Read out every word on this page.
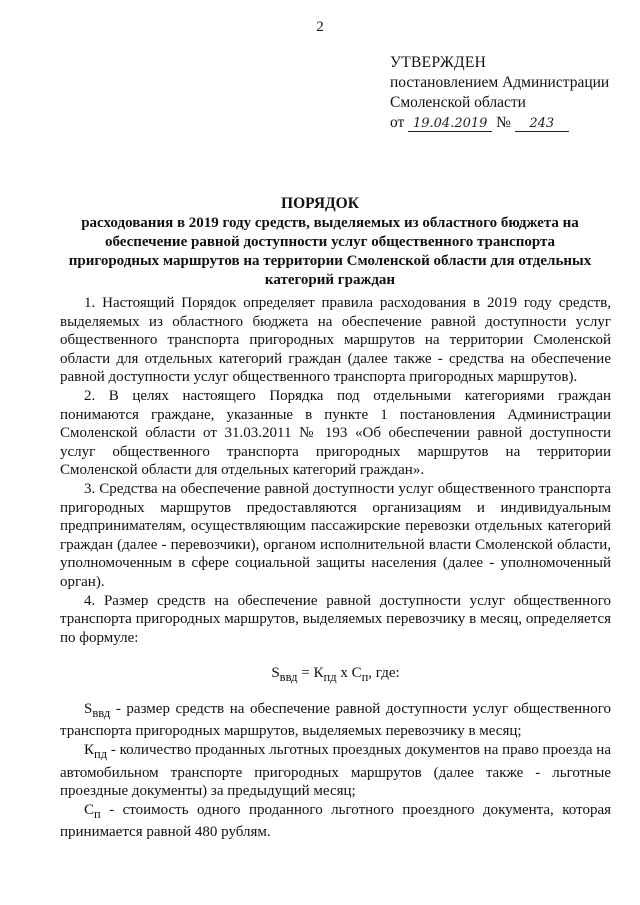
2
УТВЕРЖДЕН
постановлением Администрации
Смоленской области
от 19.04.2019 № 243
ПОРЯДОК
расходования в 2019 году средств, выделяемых из областного бюджета на обеспечение равной доступности услуг общественного транспорта пригородных маршрутов на территории Смоленской области для отдельных категорий граждан

1. Настоящий Порядок определяет правила расходования в 2019 году средств, выделяемых из областного бюджета на обеспечение равной доступности услуг общественного транспорта пригородных маршрутов на территории Смоленской области для отдельных категорий граждан (далее также - средства на обеспечение равной доступности услуг общественного транспорта пригородных маршрутов).

2. В целях настоящего Порядка под отдельными категориями граждан понимаются граждане, указанные в пункте 1 постановления Администрации Смоленской области от 31.03.2011 № 193 «Об обеспечении равной доступности услуг общественного транспорта пригородных маршрутов на территории Смоленской области для отдельных категорий граждан».

3. Средства на обеспечение равной доступности услуг общественного транспорта пригородных маршрутов предоставляются организациям и индивидуальным предпринимателям, осуществляющим пассажирские перевозки отдельных категорий граждан (далее - перевозчики), органом исполнительной власти Смоленской области, уполномоченным в сфере социальной защиты населения (далее - уполномоченный орган).

4. Размер средств на обеспечение равной доступности услуг общественного транспорта пригородных маршрутов, выделяемых перевозчику в месяц, определяется по формуле:

$S_{ввд} = К_{пд}$ х $С_п$, где:

$S_{ввд}$ - размер средств на обеспечение равной доступности услуг общественного транспорта пригородных маршрутов, выделяемых перевозчику в месяц;

$К_{пд}$ - количество проданных льготных проездных документов на право проезда на автомобильном транспорте пригородных маршрутов (далее также - льготные проездные документы) за предыдущий месяц;

$С_п$ - стоимость одного проданного льготного проездного документа, которая принимается равной 480 рублям.
